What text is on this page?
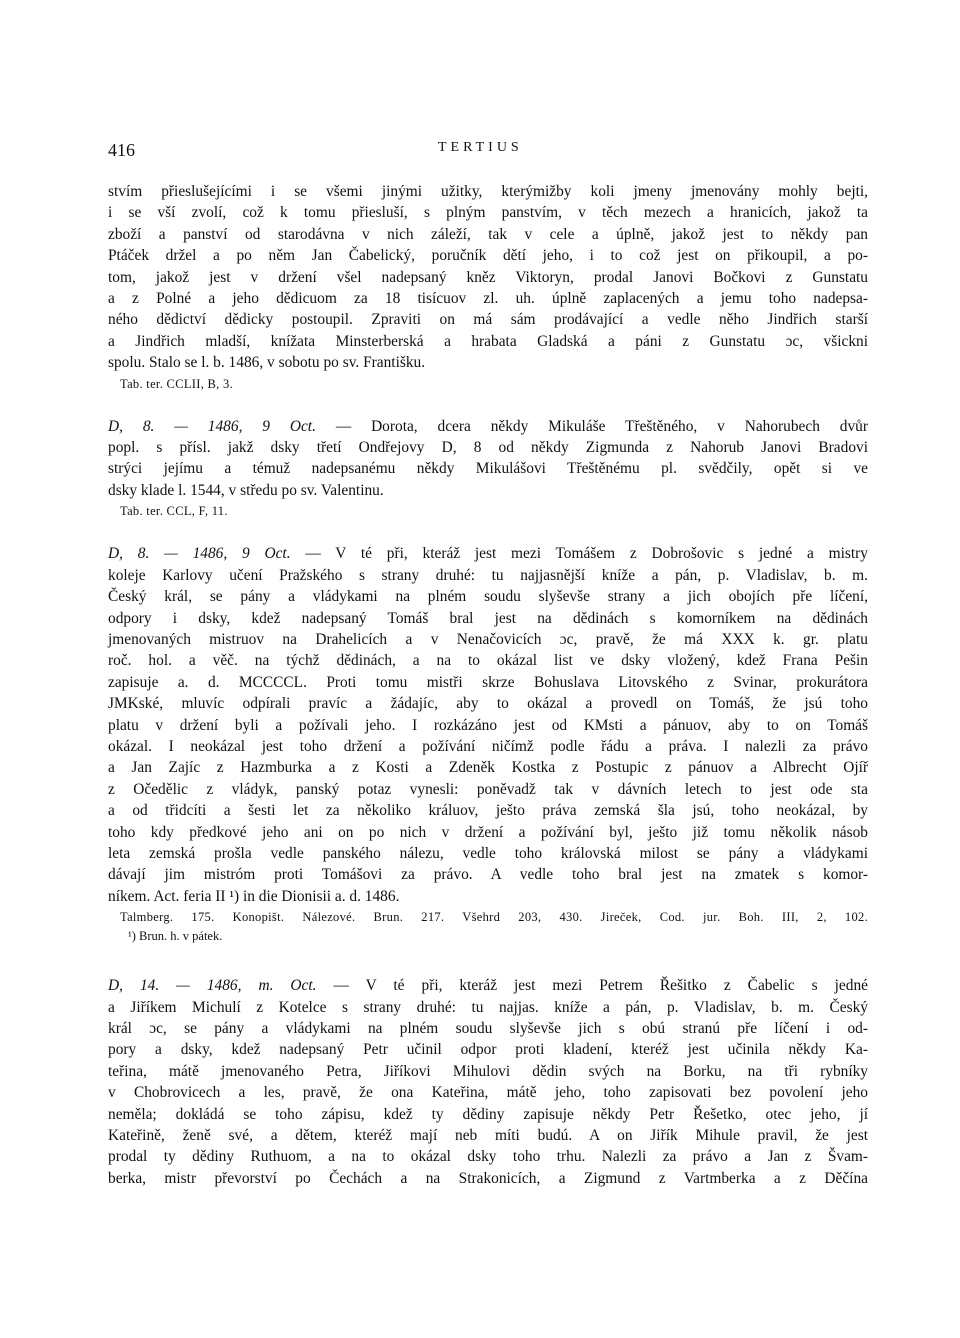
416	TERTIUS
stvím přieslušejícími i se všemi jinými užitky, kterýmižby koli jmeny jmenovány mohly bejti,
i se vší zvolí, což k tomu přiesluší, s plným panstvím, v těch mezech a hranicích, jakož ta
zboží a panství od starodávna v nich záleží, tak v cele a úplně, jakož jest to někdy pan
Ptáček držel a po něm Jan Čabelický, poručník dětí jeho, i to což jest on přikoupil, a po-
tom, jakož jest v držení všel nadepsaný kněz Viktoryn, prodal Janovi Bočkovi z Gunstatu
a z Polné a jeho dědicuom za 18 tisícuov zl. uh. úplně zaplacených a jemu toho nadepsa-
ného dědictví dědicky postoupil. Zpraviti on má sám prodávající a vedle něho Jindřich starší
a Jindřich mladší, knížata Minsterberská a hrabata Gladská a páni z Gunstatu ɔc, všickni
spolu. Stalo se l. b. 1486, v sobotu po sv. Františku.
Tab. ter. CCLII, B, 3.
D, 8. — 1486, 9 Oct. — Dorota, dcera někdy Mikuláše Třeštěného, v Nahorubech dvůr
popl. s přísl. jakž dsky třetí Ondřejovy D, 8 od někdy Zigmunda z Nahorub Janovi Bradovi
strýci jejímu a témuž nadepsanému někdy Mikulášovi Třeštěnému pl. svědčily, opět si ve
dsky klade l. 1544, v středu po sv. Valentinu.
Tab. ter. CCL, F, 11.
D, 8. — 1486, 9 Oct. — V té při, kteráž jest mezi Tomášem z Dobrošovic s jedné a mistry
koleje Karlovy učení Pražského s strany druhé: tu najjasnější kníže a pán, p. Vladislav, b. m.
Český král, se pány a vládykami na plném soudu slyševše strany a jich obojích pře líčení,
odpory i dsky, kdež nadepsaný Tomáš bral jest na dědinách s komorníkem na dědinách
jmenovaných mistruov na Drahelicích a v Nenačovicích ɔc, pravě, že má XXX k. gr. platu
roč. hol. a věč. na týchž dědinách, a na to okázal list ve dsky vložený, kdež Frana Pešin
zapisuje a. d. MCCCCL. Proti tomu mistři skrze Bohuslava Litovského z Svinar, prokurátora
JMKské, mluvíc odpírali pravíc a žádajíc, aby to okázal a provedl on Tomáš, že jsú toho
platu v držení byli a požívali jeho. I rozkázáno jest od KMsti a pánuov, aby to on Tomáš
okázal. I neokázal jest toho držení a požívání ničímž podle řádu a práva. I nalezli za právo
a Jan Zajíc z Hazmburka a z Kosti a Zdeněk Kostka z Postupic z pánuov a Albrecht Ojíř
z Očedělic z vládyk, panský potaz vynesli: poněvadž tak v dávních letech to jest ode sta
a od třidcíti a šesti let za několiko králuov, ješto práva zemská šla jsú, toho neokázal, by
toho kdy předkové jeho ani on po nich v držení a požívání byl, ješto již tomu několik násob
leta zemská prošla vedle panského nálezu, vedle toho královská milost se pány a vládykami
dávají jim mistróm proti Tomášovi za právo. A vedle toho bral jest na zmatek s komor-
níkem. Act. feria II ¹) in die Dionisii a. d. 1486.
Talmberg. 175. Konopišt. Nálezové. Brun. 217. Všehrd 203, 430. Jireček, Cod. jur. Boh. III, 2, 102.
¹) Brun. h. v pátek.
D, 14. — 1486, m. Oct. — V té při, kteráž jest mezi Petrem Řešitko z Čabelic s jedné
a Jiříkem Michulí z Kotelce s strany druhé: tu najjas. kníže a pán, p. Vladislav, b. m. Český
král ɔc, se pány a vládykami na plném soudu slyševše jich s obú stranú pře líčení i od-
pory a dsky, kdež nadepsaný Petr učinil odpor proti kladení, kteréž jest učinila někdy Ka-
teřina, mátě jmenovaného Petra, Jiříkovi Mihulovi dědin svých na Borku, na tři rybníky
v Chobrovicech a les, pravě, že ona Kateřina, mátě jeho, toho zapisovati bez povolení jeho
neměla; dokládá se toho zápisu, kdež ty dědiny zapisuje někdy Petr Řešetko, otec jeho, jí
Kateřině, ženě své, a dětem, kteréž mají neb míti budú. A on Jiřík Mihule pravil, že jest
prodal ty dědiny Ruthuom, a na to okázal dsky toho trhu. Nalezli za právo a Jan z Švam-
berka, mistr převorství po Čechách a na Strakonicích, a Zigmund z Vartmberka a z Děčína
